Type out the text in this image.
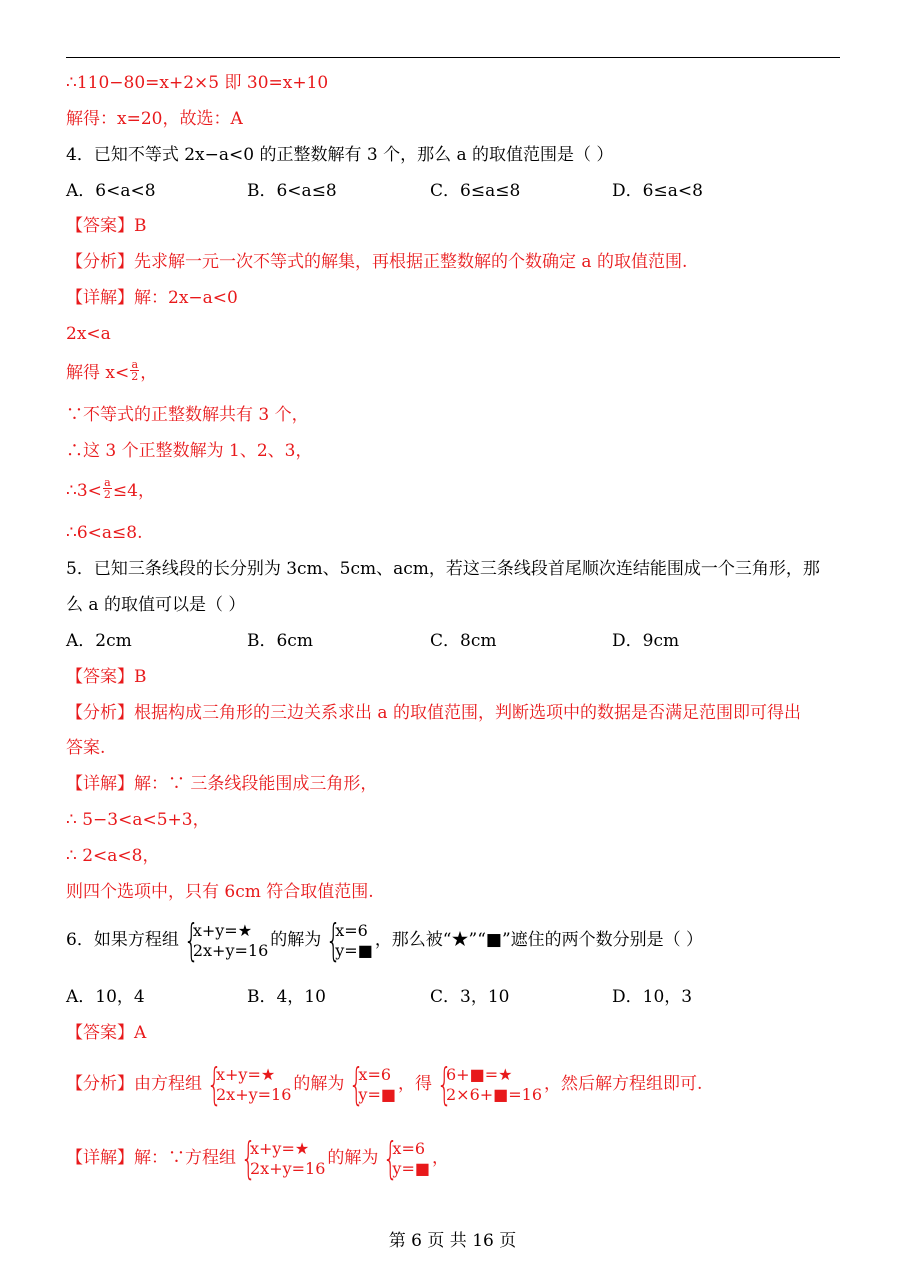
∴110−80=x+2×5 即 30=x+10
解得：x=20，故选：A
4．已知不等式 2x−a<0 的正整数解有 3 个，那么 a 的取值范围是（ ）
A．6<a<8	B．6<a≤8	C．6≤a≤8	D．6≤a<8
【答案】B
【分析】先求解一元一次不等式的解集，再根据正整数解的个数确定 a 的取值范围.
【详解】解：2x−a<0
2x<a
解得 $x< \frac{a}{2}$ ，
∵不等式的正整数解共有 3 个，
∴这 3 个正整数解为 1、2、3，
∴3< $\frac{a}{2} \le 4$，
∴6<a≤8.
5．已知三条线段的长分别为 3cm、5cm、acm，若这三条线段首尾顺次连结能围成一个三角形，那
么 a 的取值可以是（ ）
A．2cm	B．6cm	C．8cm	D．9cm
【答案】B
【分析】根据构成三角形的三边关系求出 a 的取值范围，判断选项中的数据是否满足范围即可得出
答案.
【详解】解：∵ 三条线段能围成三角形，
∴ 5−3<a<5+3，
∴ 2<a<8，
则四个选项中，只有 6cm 符合取值范围.
6．如果方程组 {
x+y=★
2x+y=16 的解为 {
x=6
y=■ ，那么被“★”“■”遮住的两个数分别是（ ）
A．10，4	B．4，10	C．3，10	D．10，3
【答案】A
【分析】由方程组 {
x+y=★
2x+y=16 的解为 {
x=6
y=■ ，得 {
6+■=★
2×6+■=16 ，然后解方程组即可.
【详解】解：∵方程组 {
x+y=★
2x+y=16 的解为 {
x=6
y=■ ，
第 6 页 共 16 页
